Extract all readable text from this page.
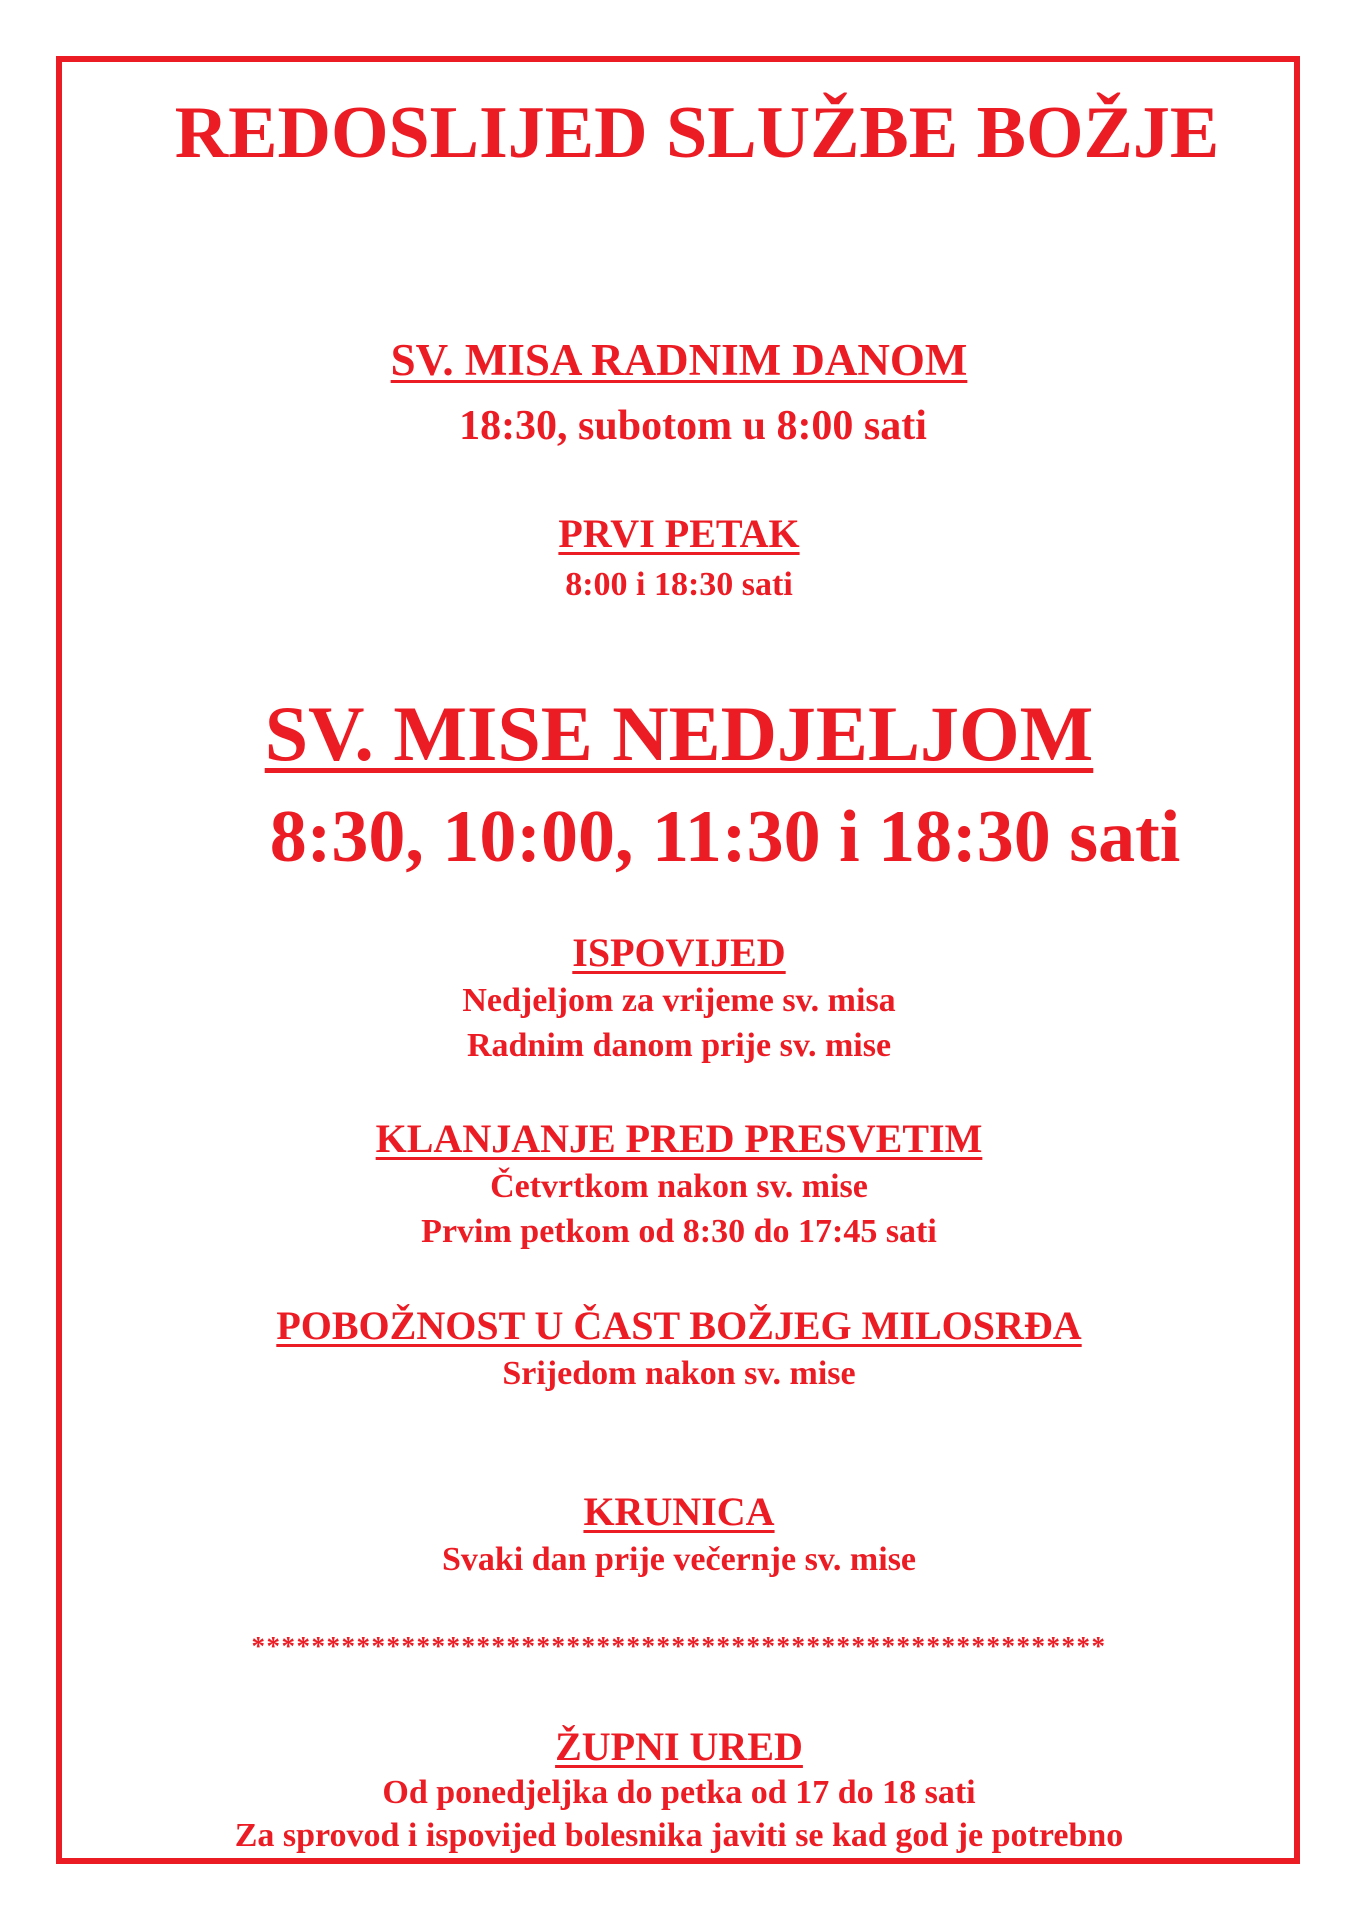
REDOSLIJED SLUŽBE BOŽJE
SV. MISA RADNIM DANOM
18:30, subotom u 8:00 sati
PRVI PETAK
8:00 i 18:30 sati
SV. MISE NEDJELJOM
8:30, 10:00, 11:30 i 18:30 sati
ISPOVIJED
Nedjeljom za vrijeme sv. misa
Radnim danom prije sv. mise
KLANJANJE PRED PRESVETIM
Četvrtkom nakon sv. mise
Prvim petkom od 8:30 do 17:45 sati
POBOŽNOST U ČAST BOŽJEG MILOSRĐA
Srijedom nakon sv. mise
KRUNICA
Svaki dan prije večernje sv. mise
*********************************************************
ŽUPNI URED
Od ponedjeljka do petka od 17 do 18 sati
Za sprovod i ispovijed bolesnika javiti se kad god je potrebno
